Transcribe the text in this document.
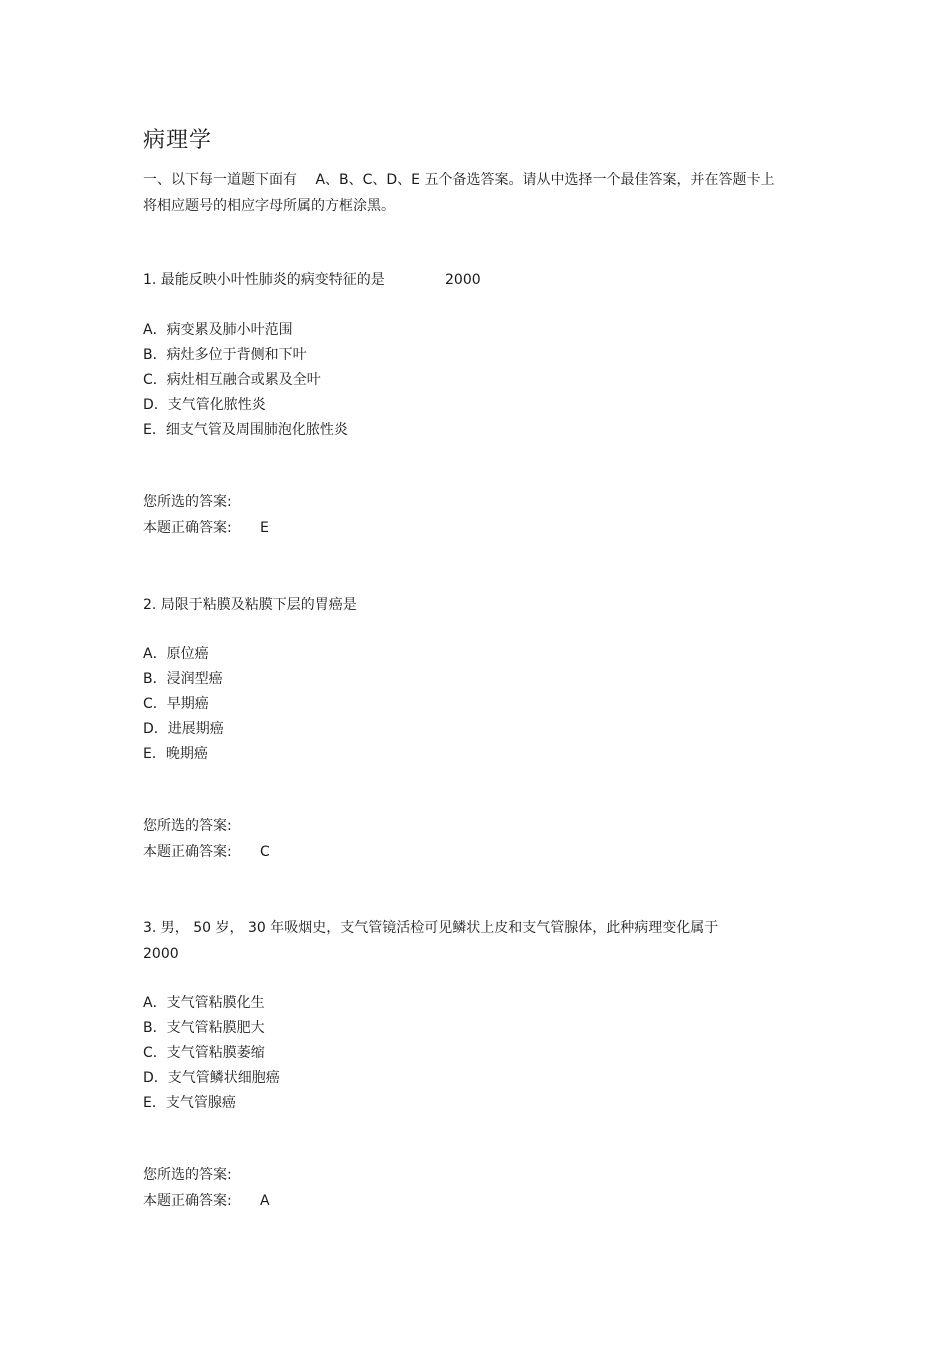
病理学
一、以下每一道题下面有　 A、B、C、D、E 五个备选答案。请从中选择一个最佳答案，并在答题卡上将相应题号的相应字母所属的方框涂黑。
1. 最能反映小叶性肺炎的病变特征的是	2000
A．病变累及肺小叶范围
B．病灶多位于背侧和下叶
C．病灶相互融合或累及全叶
D．支气管化脓性炎
E．细支气管及周围肺泡化脓性炎
您所选的答案:
本题正确答案: E
2. 局限于粘膜及粘膜下层的胃癌是
A．原位癌
B．浸润型癌
C．早期癌
D．进展期癌
E．晚期癌
您所选的答案:
本题正确答案: C
3. 男， 50 岁， 30 年吸烟史，支气管镜活检可见鳞状上皮和支气管腺体，此种病理变化属于
2000
A．支气管粘膜化生
B．支气管粘膜肥大
C．支气管粘膜萎缩
D．支气管鳞状细胞癌
E．支气管腺癌
您所选的答案:
本题正确答案: A
